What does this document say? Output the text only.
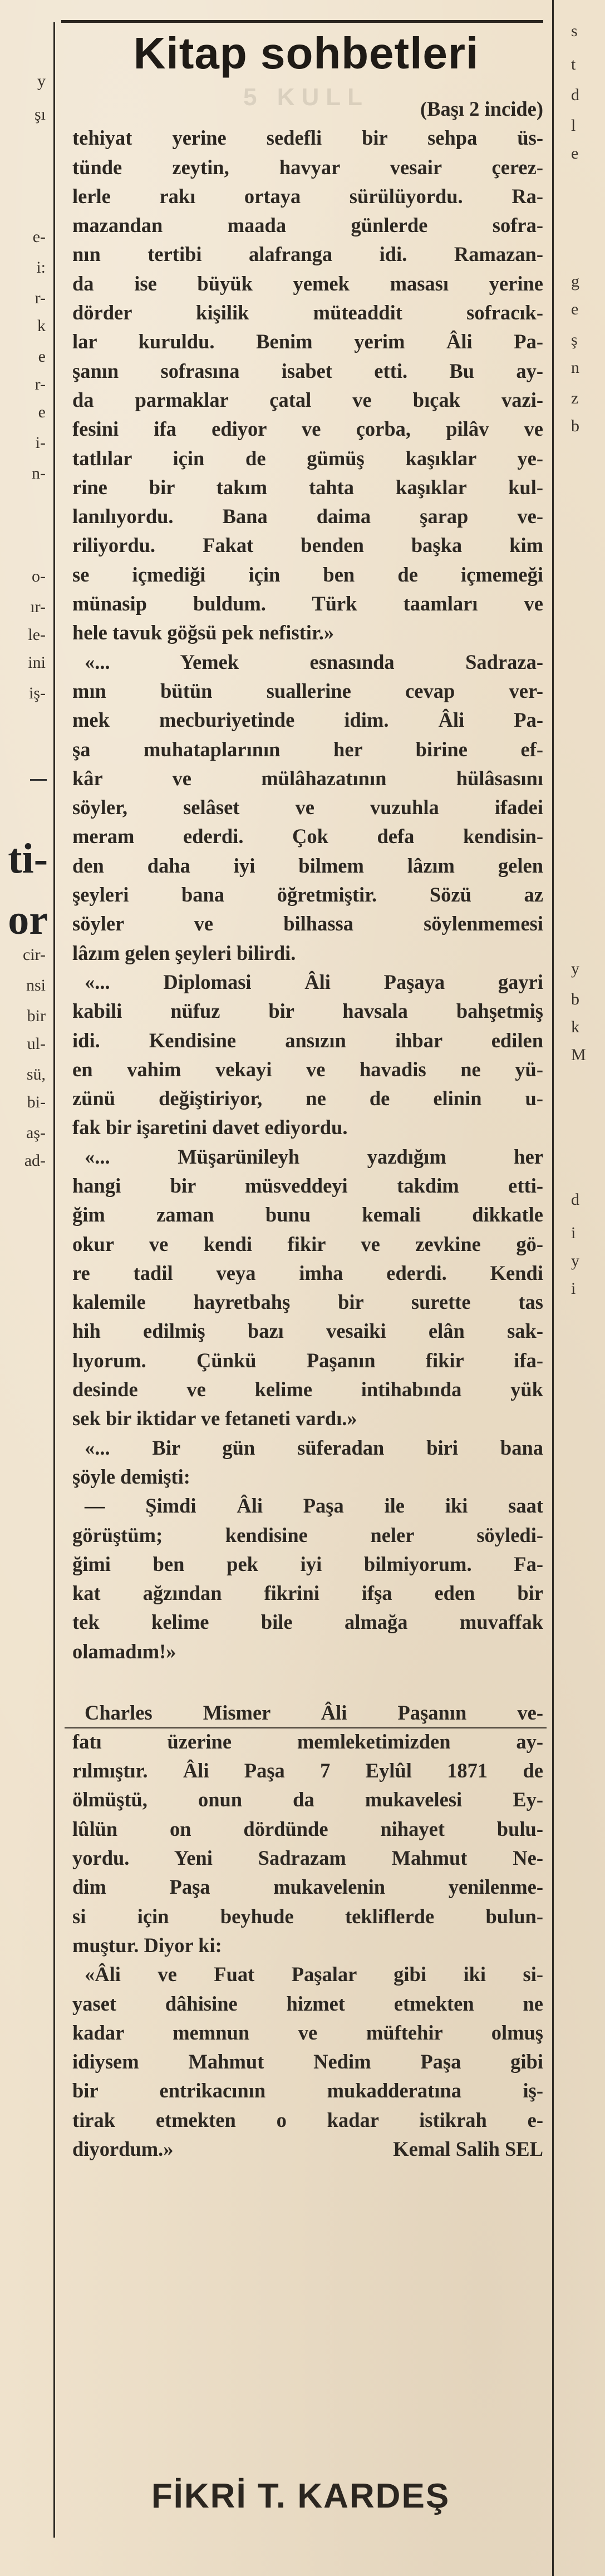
y
şı
e-
i:
r-
k
e
r-
e
i-
n-
o-
ır-
le-
ini
iş-
ti-
or
cir-
nsi
bir
ul-
sü,
bi-
aş-
ad-
Kitap sohbetleri
5 KULL	(Başı 2 incide)
tehiyat yerine sedefli bir sehpa üs-
tünde zeytin, havyar vesair çerez-
lerle rakı ortaya sürülüyordu. Ra-
mazandan maada günlerde sofra-
nın tertibi alafranga idi. Ramazan-
da ise büyük yemek masası yerine
dörder kişilik müteaddit sofracık-
lar kuruldu. Benim yerim Âli Pa-
şanın sofrasına isabet etti. Bu ay-
da parmaklar çatal ve bıçak vazi-
fesini ifa ediyor ve çorba, pilâv ve
tatlılar için de gümüş kaşıklar ye-
rine bir takım tahta kaşıklar kul-
lanılıyordu. Bana daima şarap ve-
riliyordu. Fakat benden başka kim
se içmediği için ben de içmemeği
münasip buldum. Türk taamları ve
hele tavuk göğsü pek nefistir.»
«... Yemek esnasında Sadraza-
mın bütün suallerine cevap ver-
mek mecburiyetinde idim. Âli Pa-
şa muhataplarının her birine ef-
kâr ve mülâhazatının hülâsasını
söyler, selâset ve vuzuhla ifadei
meram ederdi. Çok defa kendisin-
den daha iyi bilmem lâzım gelen
şeyleri bana öğretmiştir. Sözü az
söyler ve bilhassa söylenmemesi
lâzım gelen şeyleri bilirdi.
«... Diplomasi Âli Paşaya gayri
kabili nüfuz bir havsala bahşetmiş
idi. Kendisine ansızın ihbar edilen
en vahim vekayi ve havadis ne yü-
zünü değiştiriyor, ne de elinin u-
fak bir işaretini davet ediyordu.
«... Müşarünileyh yazdığım her
hangi bir müsveddeyi takdim etti-
ğim zaman bunu kemali dikkatle
okur ve kendi fikir ve zevkine gö-
re tadil veya imha ederdi. Kendi
kalemile hayretbahş bir surette tas
hih edilmiş bazı vesaiki elân sak-
lıyorum. Çünkü Paşanın fikir ifa-
desinde ve kelime intihabında yük
sek bir iktidar ve fetaneti vardı.»
«... Bir gün süferadan biri bana
şöyle demişti:
— Şimdi Âli Paşa ile iki saat
görüştüm; kendisine neler söyledi-
ğimi ben pek iyi bilmiyorum. Fa-
kat ağzından fikrini ifşa eden bir
tek kelime bile almağa muvaffak
olamadım!»
Charles Mismer Âli Paşanın ve-
fatı üzerine memleketimizden ay-
rılmıştır. Âli Paşa 7 Eylûl 1871 de
ölmüştü, onun da mukavelesi Ey-
lûlün on dördünde nihayet bulu-
yordu. Yeni Sadrazam Mahmut Ne-
dim Paşa mukavelenin yenilenme-
si için beyhude tekliflerde bulun-
muştur. Diyor ki:
«Âli ve Fuat Paşalar gibi iki si-
yaset dâhisine hizmet etmekten ne
kadar memnun ve müftehir olmuş
idiysem Mahmut Nedim Paşa gibi
bir entrikacının mukadderatına iş-
tirak etmekten o kadar istikrah e-
diyordum.»	Kemal Salih SEL
FİKRİ T. KARDEŞ
s
t
d
l
e
g
e
ş
n
z
b
y
b
k
M
d
i
y
i
